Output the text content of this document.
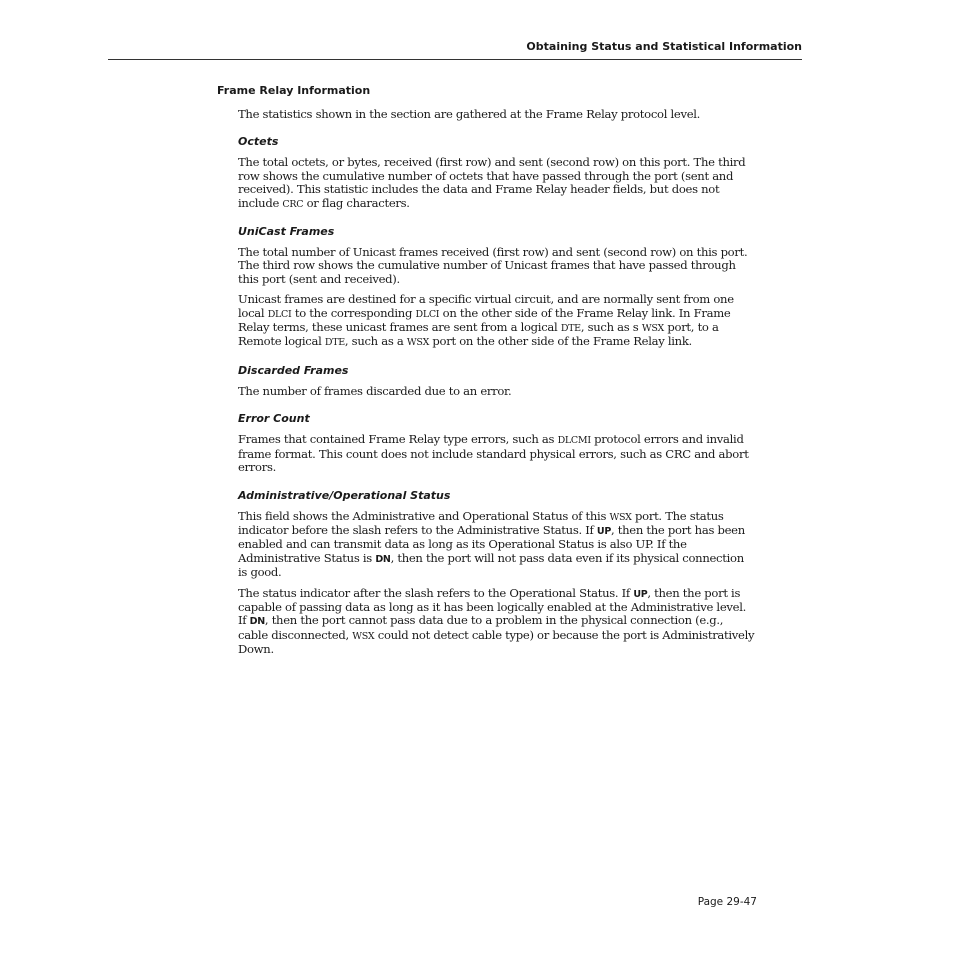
Obtaining Status and Statistical Information
Frame Relay Information

The statistics shown in the section are gathered at the Frame Relay protocol level.

Octets

The total octets, or bytes, received (first row) and sent (second row) on this port. The third row shows the cumulative number of octets that have passed through the port (sent and received). This statistic includes the data and Frame Relay header fields, but does not include CRC or flag characters.

UniCast Frames

The total number of Unicast frames received (first row) and sent (second row) on this port. The third row shows the cumulative number of Unicast frames that have passed through this port (sent and received).

Unicast frames are destined for a specific virtual circuit, and are normally sent from one local DLCI to the corresponding DLCI on the other side of the Frame Relay link. In Frame Relay terms, these unicast frames are sent from a logical DTE, such as s WSX port, to a Remote logical DTE, such as a WSX port on the other side of the Frame Relay link.

Discarded Frames

The number of frames discarded due to an error.

Error Count

Frames that contained Frame Relay type errors, such as DLCMI protocol errors and invalid frame format. This count does not include standard physical errors, such as CRC and abort errors.

Administrative/Operational Status

This field shows the Administrative and Operational Status of this WSX port. The status indicator before the slash refers to the Administrative Status. If UP, then the port has been enabled and can transmit data as long as its Operational Status is also UP. If the Administrative Status is DN, then the port will not pass data even if its physical connection is good.

The status indicator after the slash refers to the Operational Status. If UP, then the port is capable of passing data as long as it has been logically enabled at the Administrative level. If DN, then the port cannot pass data due to a problem in the physical connection (e.g., cable disconnected, WSX could not detect cable type) or because the port is Administratively Down.

Page 29-47
